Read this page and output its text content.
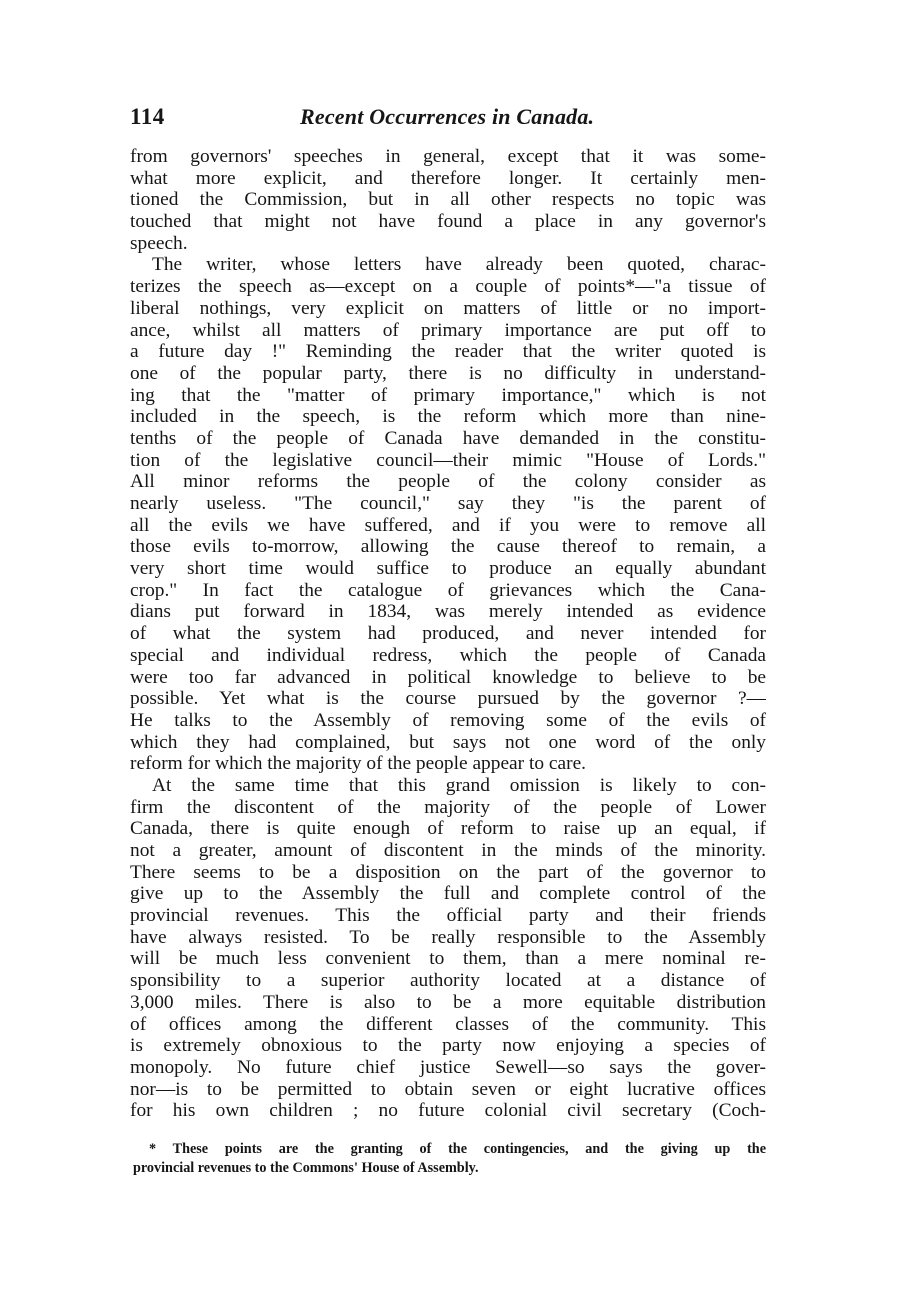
114	Recent Occurrences in Canada.
from governors' speeches in general, except that it was some-
what more explicit, and therefore longer. It certainly men-
tioned the Commission, but in all other respects no topic was
touched that might not have found a place in any governor's
speech.
The writer, whose letters have already been quoted, charac-
terizes the speech as—except on a couple of points*—"a tissue of
liberal nothings, very explicit on matters of little or no import-
ance, whilst all matters of primary importance are put off to
a future day !" Reminding the reader that the writer quoted is
one of the popular party, there is no difficulty in understand-
ing that the "matter of primary importance," which is not
included in the speech, is the reform which more than nine-
tenths of the people of Canada have demanded in the constitu-
tion of the legislative council—their mimic "House of Lords."
All minor reforms the people of the colony consider as
nearly useless. "The council," say they "is the parent of
all the evils we have suffered, and if you were to remove all
those evils to-morrow, allowing the cause thereof to remain, a
very short time would suffice to produce an equally abundant
crop." In fact the catalogue of grievances which the Cana-
dians put forward in 1834, was merely intended as evidence
of what the system had produced, and never intended for
special and individual redress, which the people of Canada
were too far advanced in political knowledge to believe to be
possible. Yet what is the course pursued by the governor ?—
He talks to the Assembly of removing some of the evils of
which they had complained, but says not one word of the only
reform for which the majority of the people appear to care.
At the same time that this grand omission is likely to con-
firm the discontent of the majority of the people of Lower
Canada, there is quite enough of reform to raise up an equal, if
not a greater, amount of discontent in the minds of the minority.
There seems to be a disposition on the part of the governor to
give up to the Assembly the full and complete control of the
provincial revenues. This the official party and their friends
have always resisted. To be really responsible to the Assembly
will be much less convenient to them, than a mere nominal re-
sponsibility to a superior authority located at a distance of
3,000 miles. There is also to be a more equitable distribution
of offices among the different classes of the community. This
is extremely obnoxious to the party now enjoying a species of
monopoly. No future chief justice Sewell—so says the gover-
nor—is to be permitted to obtain seven or eight lucrative offices
for his own children ; no future colonial civil secretary (Coch-
* These points are the granting of the contingencies, and the giving up the
provincial revenues to the Commons' House of Assembly.
